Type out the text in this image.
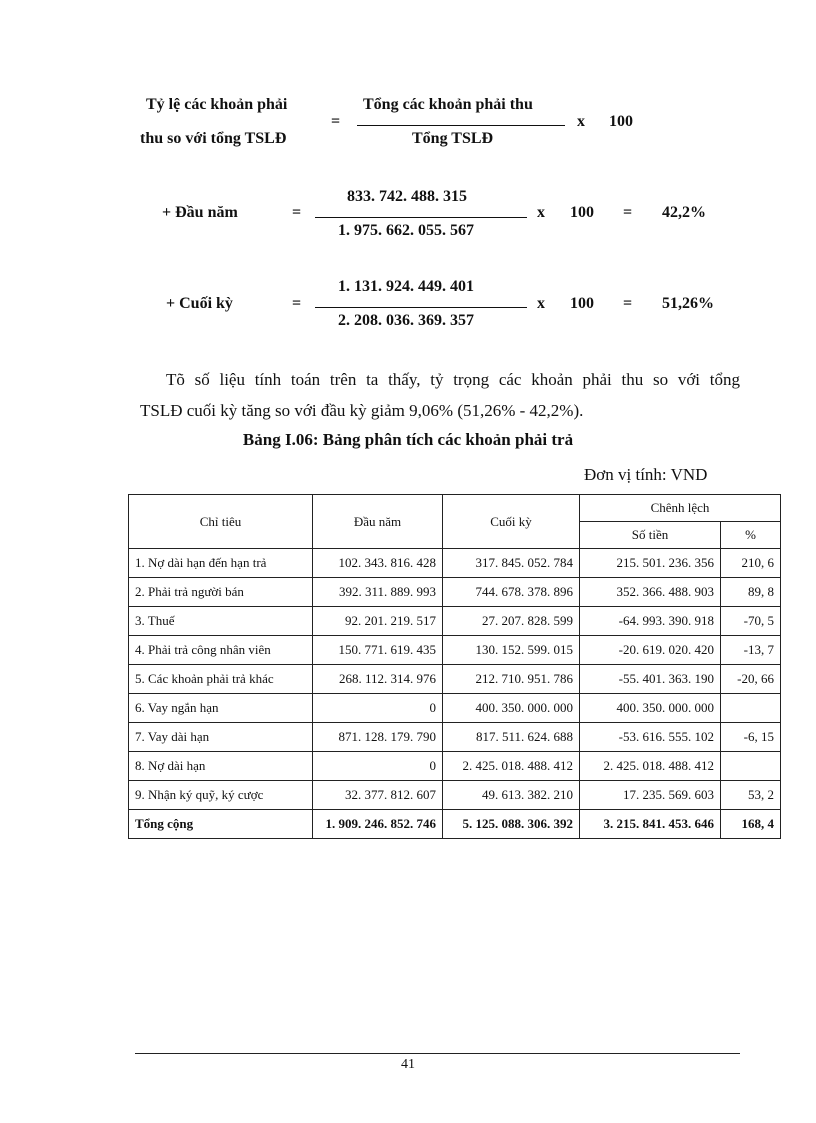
Tỷ lệ các khoản phải
thu so với tổng TSLĐ
=
Tổng các khoản phải thu
Tổng TSLĐ
x 100
+ Đầu năm	=
833. 742. 488. 315
1. 975. 662. 055. 567
x 100 = 42,2%
+ Cuối kỳ	=
1. 131. 924. 449. 401
2. 208. 036. 369. 357
x 100 = 51,26%
Tõ số liệu tính toán trên ta thấy, tỷ trọng các khoản phải thu so với tổng
TSLĐ cuối kỳ tăng so với đầu kỳ giảm 9,06% (51,26% - 42,2%).
Bảng I.06: Bảng phân tích các khoản phải trả
Đơn vị tính: VND
Chỉ tiêu	Đầu năm	Cuối kỳ	Chênh lệch	
			Số tiền	%
1. Nợ dài hạn đến hạn trả	102. 343. 816. 428	317. 845. 052. 784	215. 501. 236. 356	210, 6
2. Phải trả người bán	392. 311. 889. 993	744. 678. 378. 896	352. 366. 488. 903	89, 8
3. Thuế	92. 201. 219. 517	27. 207. 828. 599	-64. 993. 390. 918	-70, 5
4. Phải trả công nhân viên	150. 771. 619. 435	130. 152. 599. 015	-20. 619. 020. 420	-13, 7
5. Các khoản phải trả khác	268. 112. 314. 976	212. 710. 951. 786	-55. 401. 363. 190	-20, 66
6. Vay ngắn hạn	0	400. 350. 000. 000	400. 350. 000. 000	
7. Vay dài hạn	871. 128. 179. 790	817. 511. 624. 688	-53. 616. 555. 102	-6, 15
8. Nợ dài hạn	0	2. 425. 018. 488. 412	2. 425. 018. 488. 412	
9. Nhận ký quỹ, ký cược	32. 377. 812. 607	49. 613. 382. 210	17. 235. 569. 603	53, 2
Tổng cộng	1. 909. 246. 852. 746	5. 125. 088. 306. 392	3. 215. 841. 453. 646	168, 4
41
